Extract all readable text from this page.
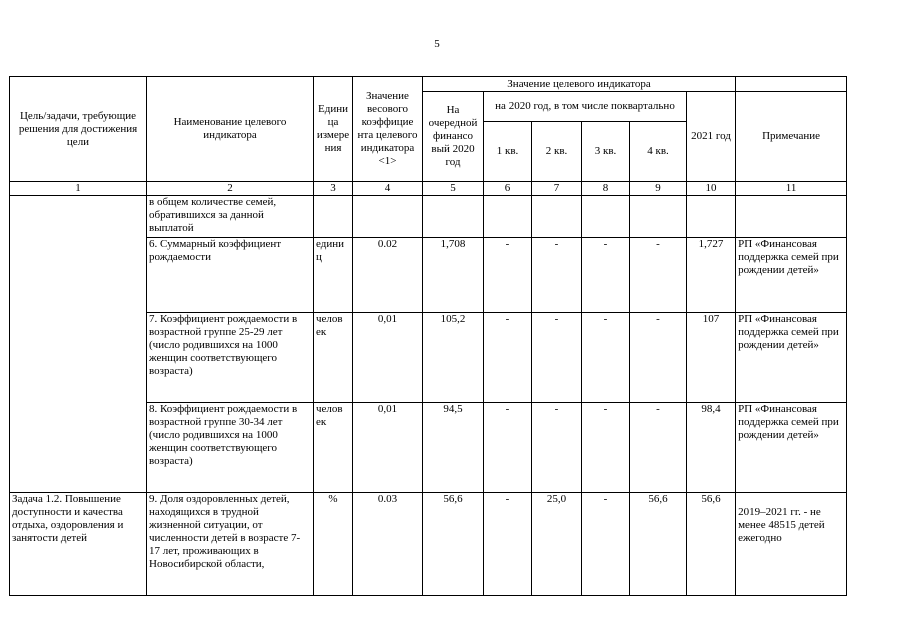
5
Цель/задачи, требующие решения для достижения цели	Наименование целевого индикатора	Едини ца измере ния	Значение весового коэффицие нта целевого индикатора <1>	Значение целевого индикатора						
				На очередной финансо вый 2020 год	на 2020 год, в том числе поквартально				2021 год	Примечание
					1 кв.	2 кв.	3 кв.	4 кв.		
1	2	3	4	5	6	7	8	9	10	11
	в общем количестве семей, обратившихся за данной выплатой									
	6. Суммарный коэффициент рождаемости	едини ц	0.02	1,708	-	-	-	-	1,727	РП «Финансовая поддержка семей при рождении детей»
	7. Коэффициент рождаемости в возрастной группе 25-29 лет (число родившихся на 1000 женщин соответствующего возраста)	челов ек	0,01	105,2	-	-	-	-	107	РП «Финансовая поддержка семей при рождении детей»
	8. Коэффициент рождаемости в возрастной группе 30-34 лет (число родившихся на 1000 женщин соответствующего возраста)	челов ек	0,01	94,5	-	-	-	-	98,4	РП «Финансовая поддержка семей при рождении детей»
Задача 1.2. Повышение доступности и качества отдыха, оздоровления и занятости детей	9. Доля оздоровленных детей, находящихся в трудной жизненной ситуации, от численности детей в возрасте 7-17 лет, проживающих в Новосибирской области,	%	0.03	56,6	-	25,0	-	56,6	56,6	2019–2021 гг. - не менее 48515 детей ежегодно
